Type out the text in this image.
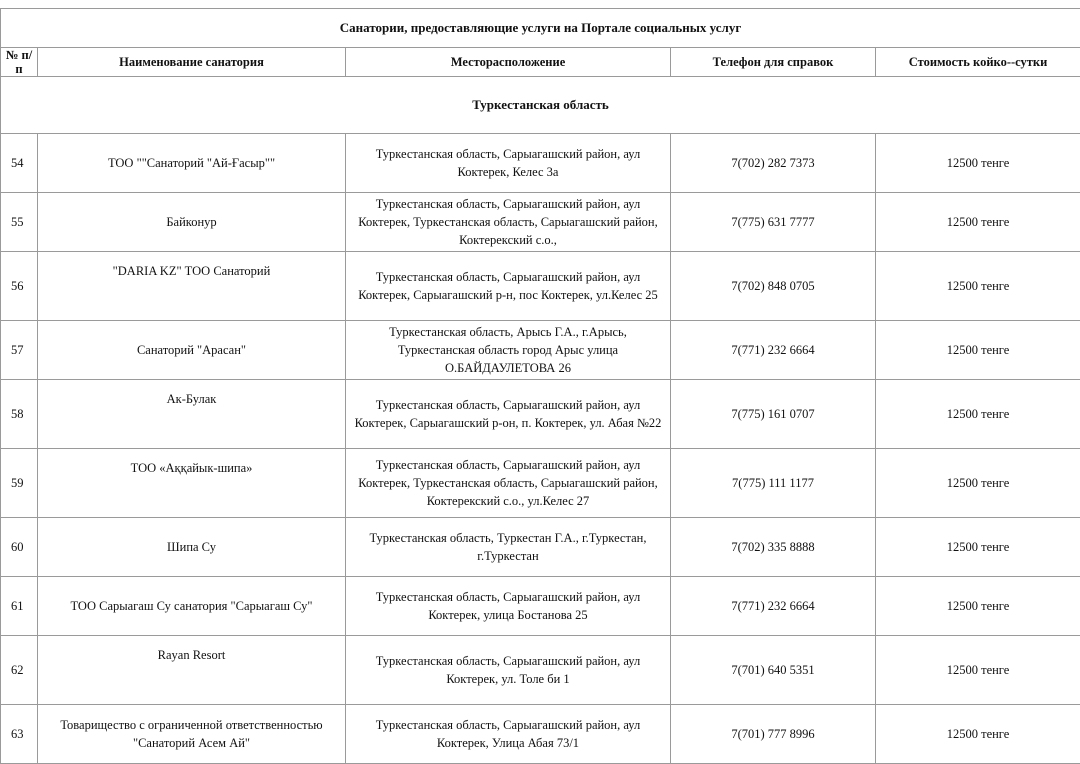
Санатории, предоставляющие услуги на Портале социальных услуг				
№ п/п	Наименование санатория	Месторасположение	Телефон для справок	Стоимость койко--сутки
Туркестанская область				
54	ТОО ""Санаторий "Ай-Ғасыр""	Туркестанская область, Сарыагашский район, аул Коктерек, Келес 3а	7(702) 282 7373	12500 тенге
55	Байконур	Туркестанская область, Сарыагашский район, аул Коктерек, Туркестанская область, Сарыагашский район, Коктерекский с.о.,	7(775) 631 7777	12500 тенге
56	"DARIA KZ" ТОО Санаторий	Туркестанская область, Сарыагашский район, аул Коктерек, Сарыагашский р-н, пос Коктерек, ул.Келес 25	7(702) 848 0705	12500 тенге
57	Санаторий "Арасан"	Туркестанская область, Арысь Г.А., г.Арысь, Туркестанская область город Арыс улица О.БАЙДАУЛЕТОВА 26	7(771) 232 6664	12500 тенге
58	Ак-Булак	Туркестанская область, Сарыагашский район, аул Коктерек, Сарыагашский р-он, п. Коктерек, ул. Абая №22	7(775) 161 0707	12500 тенге
59	ТОО «Аққайык-шипа»	Туркестанская область, Сарыагашский район, аул Коктерек, Туркестанская область, Сарыагашский район, Коктерекский с.о., ул.Келес 27	7(775) 111 1177	12500 тенге
60	Шипа Су	Туркестанская область, Туркестан Г.А., г.Туркестан, г.Туркестан	7(702) 335 8888	12500 тенге
61	ТОО Сарыагаш Су санатория "Сарыагаш Су"	Туркестанская область, Сарыагашский район, аул Коктерек, улица Бостанова 25	7(771) 232 6664	12500 тенге
62	Rayan Resort	Туркестанская область, Сарыагашский район, аул Коктерек, ул. Толе би 1	7(701) 640 5351	12500 тенге
63	Товарищество с ограниченной ответственностью "Санаторий Асем Ай"	Туркестанская область, Сарыагашский район, аул Коктерек, Улица Абая 73/1	7(701) 777 8996	12500 тенге
